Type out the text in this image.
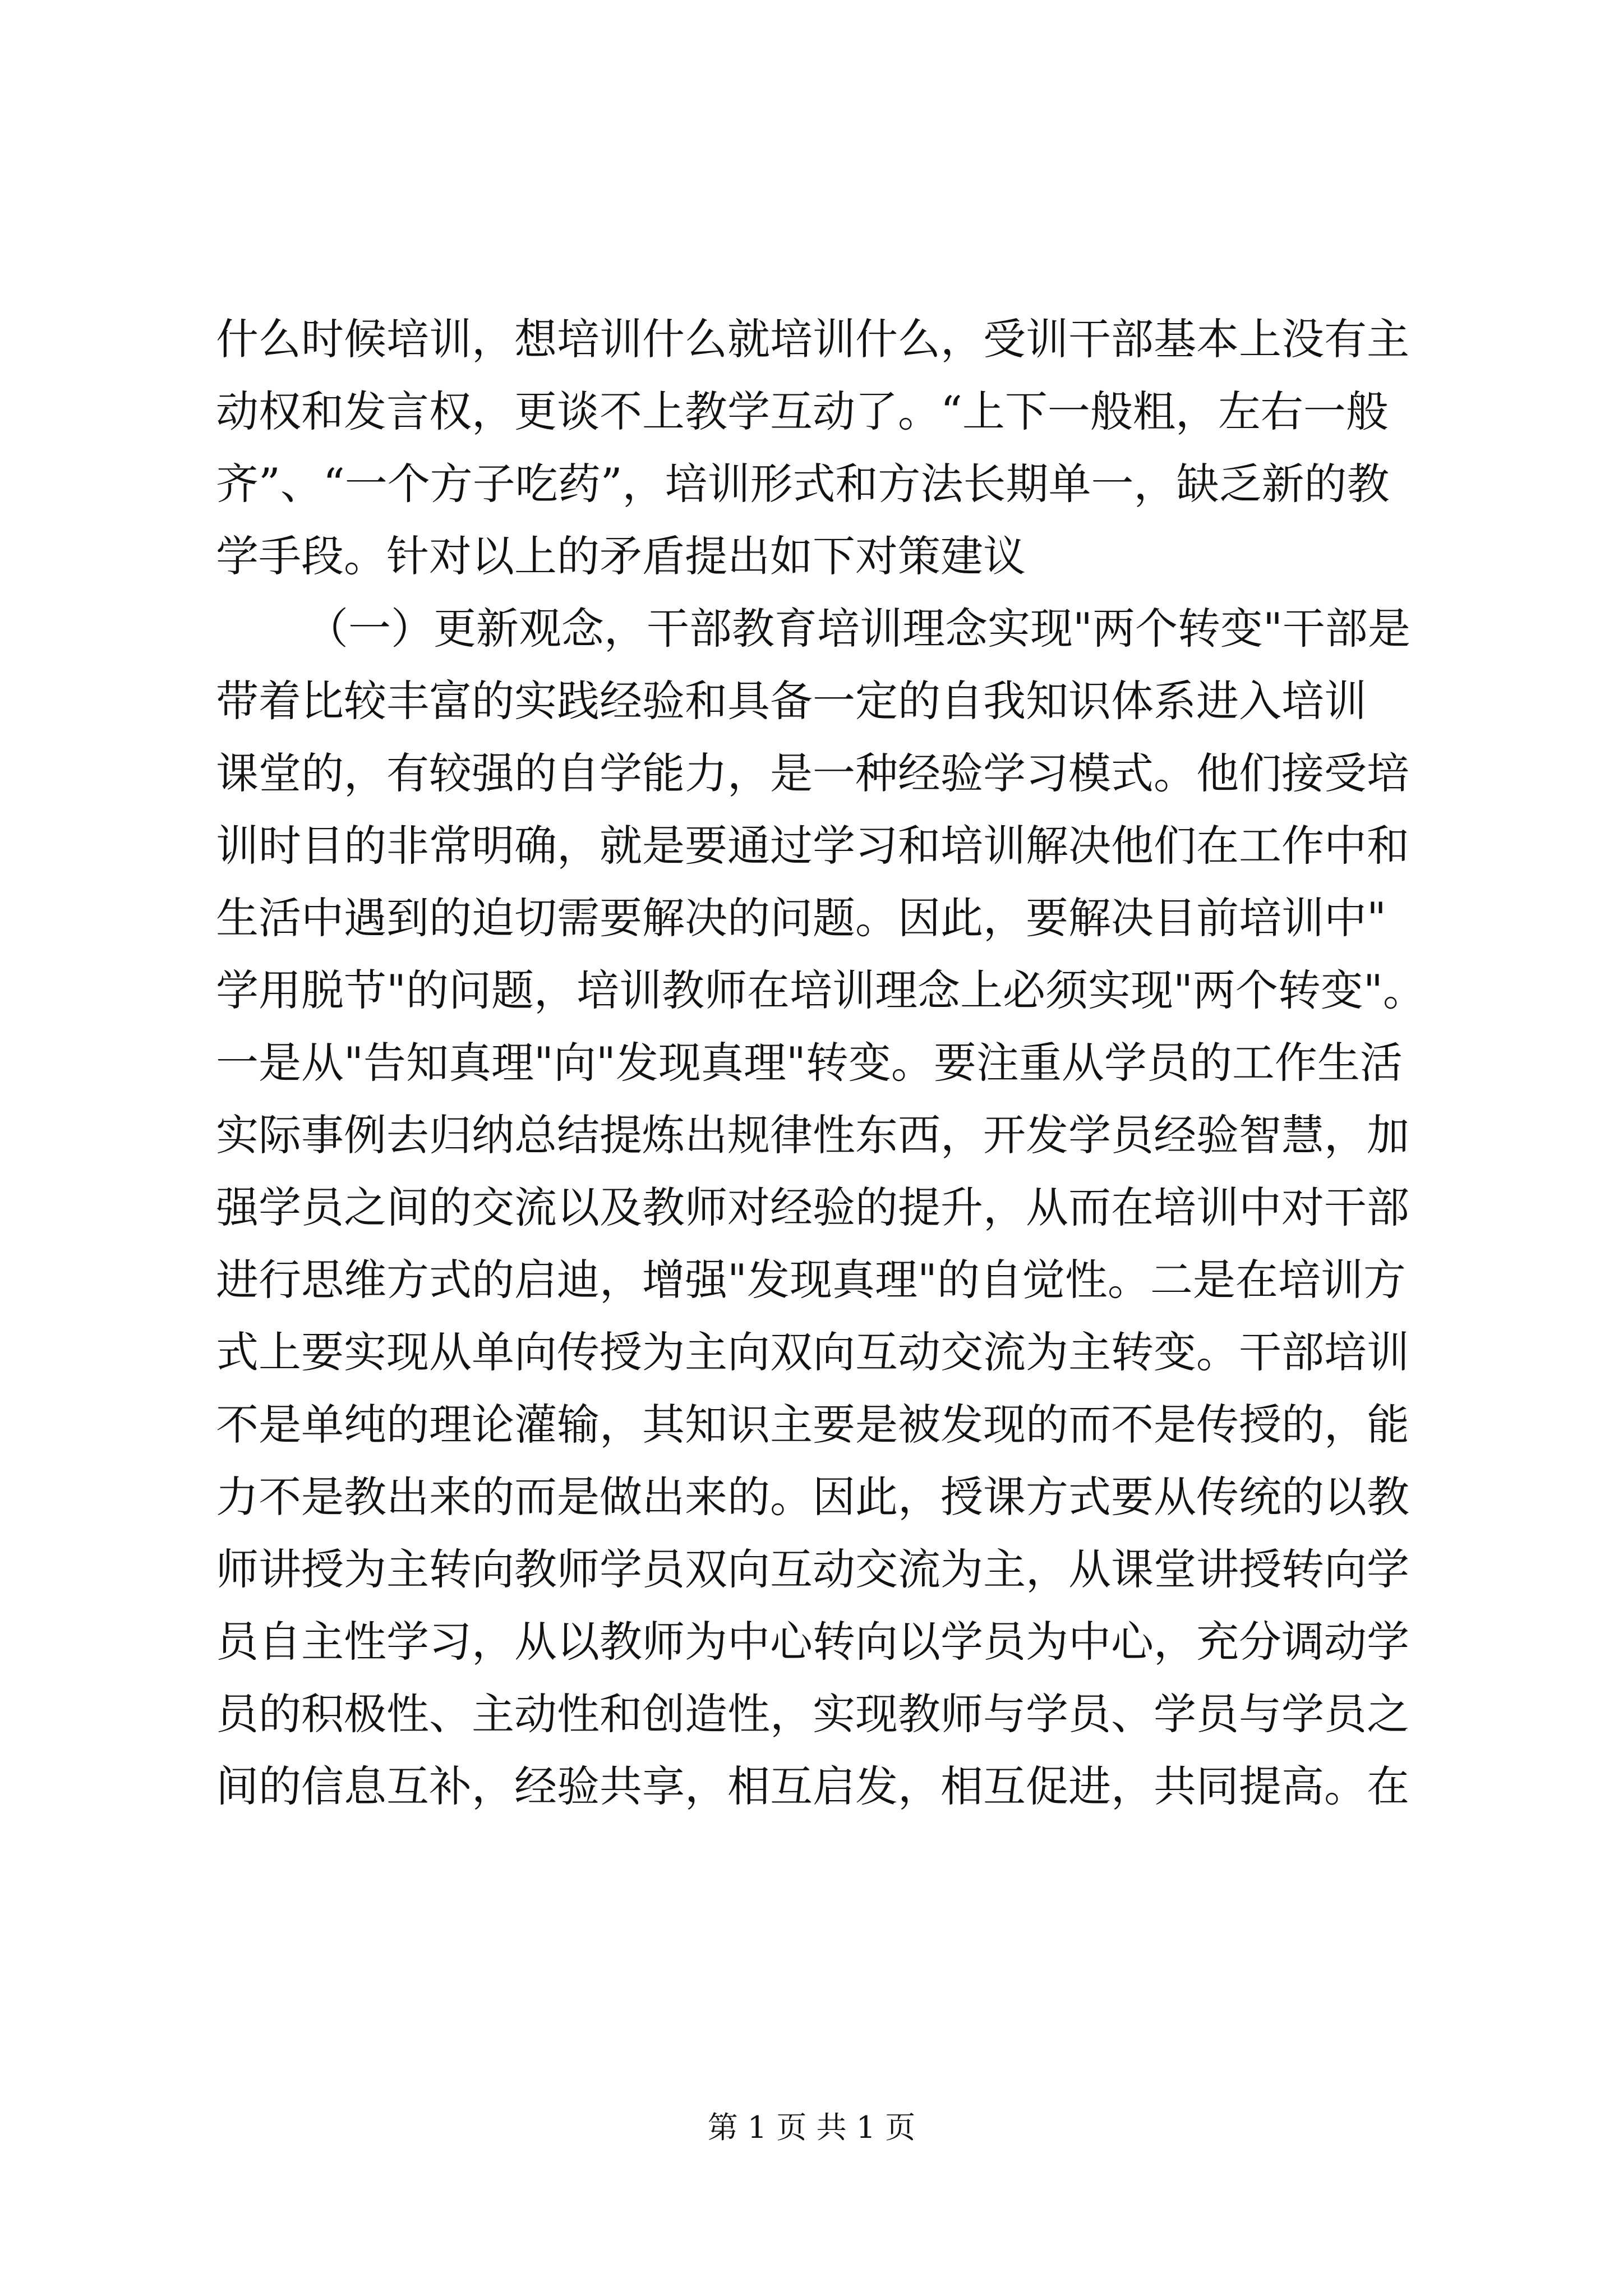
什么时候培训，想培训什么就培训什么，受训干部基本上没有主
动权和发言权，更谈不上教学互动了。“上下一般粗，左右一般
齐”、“一个方子吃药”，培训形式和方法长期单一，缺乏新的教
学手段。针对以上的矛盾提出如下对策建议
（一）更新观念，干部教育培训理念实现"两个转变"干部是
带着比较丰富的实践经验和具备一定的自我知识体系进入培训
课堂的，有较强的自学能力，是一种经验学习模式。他们接受培
训时目的非常明确，就是要通过学习和培训解决他们在工作中和
生活中遇到的迫切需要解决的问题。因此，要解决目前培训中"
学用脱节"的问题，培训教师在培训理念上必须实现"两个转变"。
一是从"告知真理"向"发现真理"转变。要注重从学员的工作生活
实际事例去归纳总结提炼出规律性东西，开发学员经验智慧，加
强学员之间的交流以及教师对经验的提升，从而在培训中对干部
进行思维方式的启迪，增强"发现真理"的自觉性。二是在培训方
式上要实现从单向传授为主向双向互动交流为主转变。干部培训
不是单纯的理论灌输，其知识主要是被发现的而不是传授的，能
力不是教出来的而是做出来的。因此，授课方式要从传统的以教
师讲授为主转向教师学员双向互动交流为主，从课堂讲授转向学
员自主性学习，从以教师为中心转向以学员为中心，充分调动学
员的积极性、主动性和创造性，实现教师与学员、学员与学员之
间的信息互补，经验共享，相互启发，相互促进，共同提高。在
第 1 页 共 1 页
